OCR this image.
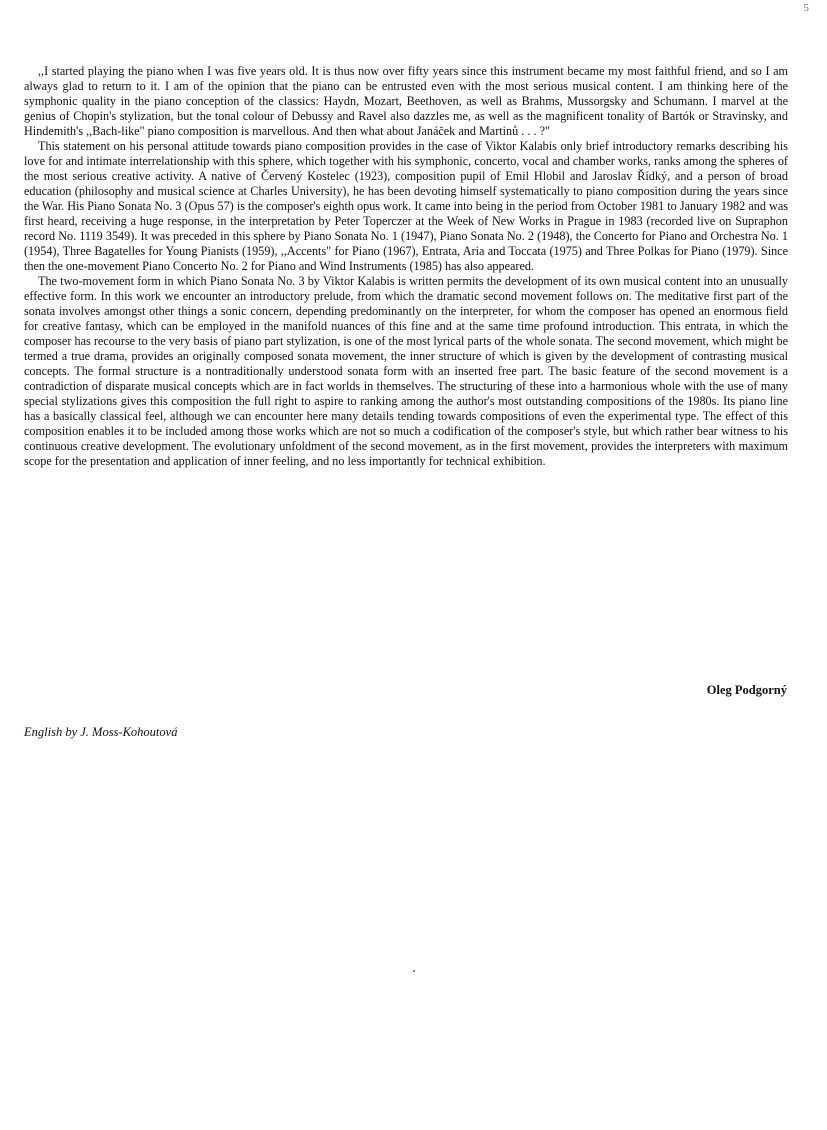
5

,,I started playing the piano when I was five years old. It is thus now over fifty years since this instrument became my most faithful friend, and so I am always glad to return to it. I am of the opinion that the piano can be entrusted even with the most serious musical content. I am thinking here of the symphonic quality in the piano conception of the classics: Haydn, Mozart, Beethoven, as well as Brahms, Mussorgsky and Schumann. I marvel at the genius of Chopin's stylization, but the tonal colour of Debussy and Ravel also dazzles me, as well as the magnificent tonality of Bartók or Stravinsky, and Hindemith's ,,Bach-like" piano composition is marvellous. And then what about Janáček and Martinů . . . ?"

This statement on his personal attitude towards piano composition provides in the case of Viktor Kalabis only brief introductory remarks describing his love for and intimate interrelationship with this sphere, which together with his symphonic, concerto, vocal and chamber works, ranks among the spheres of the most serious creative activity. A native of Červený Kostelec (1923), composition pupil of Emil Hlobil and Jaroslav Řídký, and a person of broad education (philosophy and musical science at Charles University), he has been devoting himself systematically to piano composition during the years since the War. His Piano Sonata No. 3 (Opus 57) is the composer's eighth opus work. It came into being in the period from October 1981 to January 1982 and was first heard, receiving a huge response, in the interpretation by Peter Toperczer at the Week of New Works in Prague in 1983 (recorded live on Supraphon record No. 1119 3549). It was preceded in this sphere by Piano Sonata No. 1 (1947), Piano Sonata No. 2 (1948), the Concerto for Piano and Orchestra No. 1 (1954), Three Bagatelles for Young Pianists (1959), ,,Accents" for Piano (1967), Entrata, Aria and Toccata (1975) and Three Polkas for Piano (1979). Since then the one-movement Piano Concerto No. 2 for Piano and Wind Instruments (1985) has also appeared.

The two-movement form in which Piano Sonata No. 3 by Viktor Kalabis is written permits the development of its own musical content into an unusually effective form. In this work we encounter an introductory prelude, from which the dramatic second movement follows on. The meditative first part of the sonata involves amongst other things a sonic concern, depending predominantly on the interpreter, for whom the composer has opened an enormous field for creative fantasy, which can be employed in the manifold nuances of this fine and at the same time profound introduction. This entrata, in which the composer has recourse to the very basis of piano part stylization, is one of the most lyrical parts of the whole sonata. The second movement, which might be termed a true drama, provides an originally composed sonata movement, the inner structure of which is given by the development of contrasting musical concepts. The formal structure is a nontraditionally understood sonata form with an inserted free part. The basic feature of the second movement is a contradiction of disparate musical concepts which are in fact worlds in themselves. The structuring of these into a harmonious whole with the use of many special stylizations gives this composition the full right to aspire to ranking among the author's most outstanding compositions of the 1980s. Its piano line has a basically classical feel, although we can encounter here many details tending towards compositions of even the experimental type. The effect of this composition enables it to be included among those works which are not so much a codification of the composer's style, but which rather bear witness to his continuous creative development. The evolutionary unfoldment of the second movement, as in the first movement, provides the interpreters with maximum scope for the presentation and application of inner feeling, and no less importantly for technical exhibition.

Oleg Podgorný
English by J. Moss-Kohoutová
